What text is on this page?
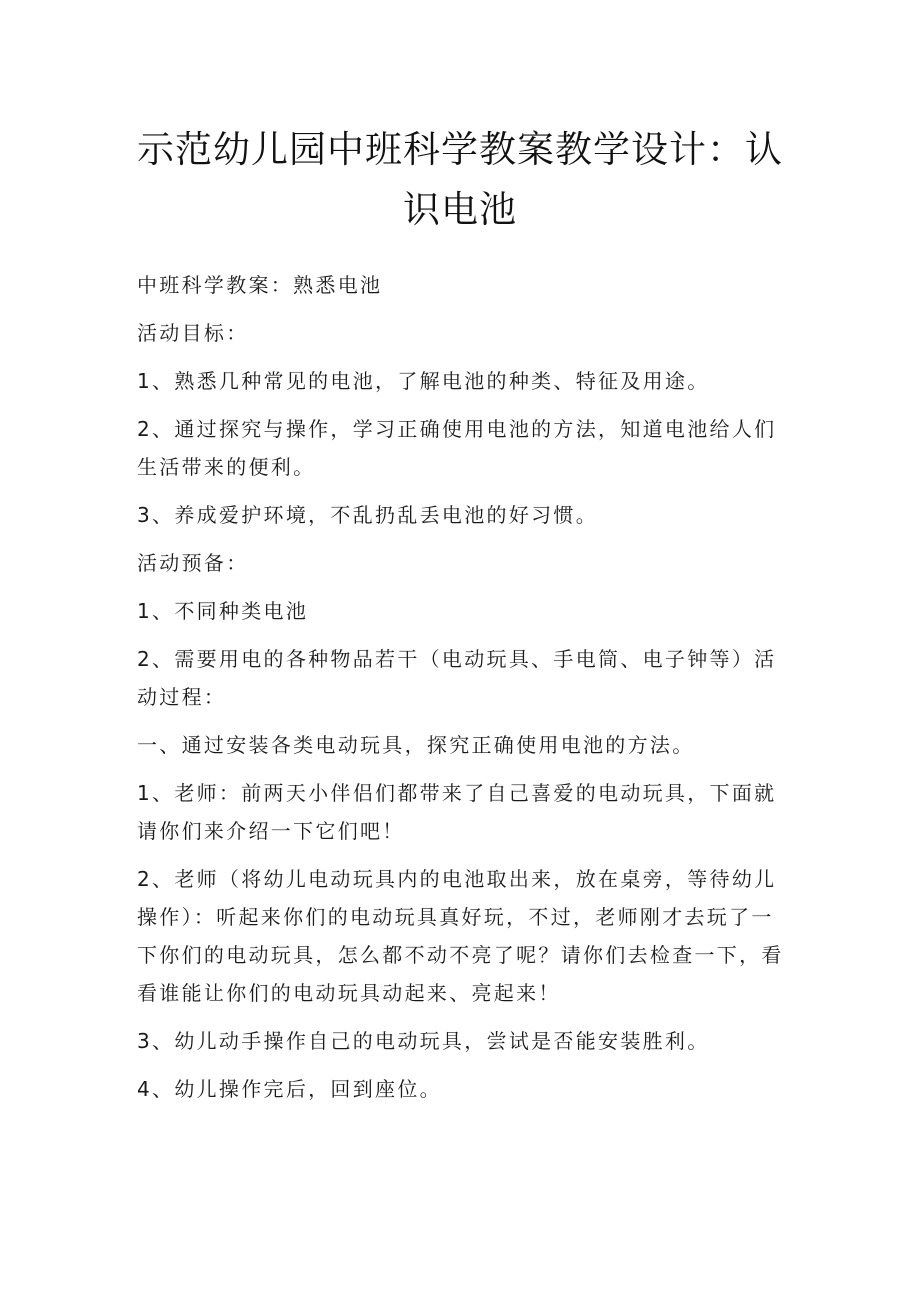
示范幼儿园中班科学教案教学设计：认识电池

中班科学教案：熟悉电池

活动目标：

1、熟悉几种常见的电池，了解电池的种类、特征及用途。

2、通过探究与操作，学习正确使用电池的方法，知道电池给人们生活带来的便利。

3、养成爱护环境，不乱扔乱丢电池的好习惯。

活动预备：

1、不同种类电池

2、需要用电的各种物品若干（电动玩具、手电筒、电子钟等）活动过程：

一、通过安装各类电动玩具，探究正确使用电池的方法。

1、老师：前两天小伴侣们都带来了自己喜爱的电动玩具，下面就请你们来介绍一下它们吧！

2、老师（将幼儿电动玩具内的电池取出来，放在桌旁，等待幼儿操作）：听起来你们的电动玩具真好玩，不过，老师刚才去玩了一下你们的电动玩具，怎么都不动不亮了呢？请你们去检查一下，看看谁能让你们的电动玩具动起来、亮起来！

3、幼儿动手操作自己的电动玩具，尝试是否能安装胜利。

4、幼儿操作完后，回到座位。
